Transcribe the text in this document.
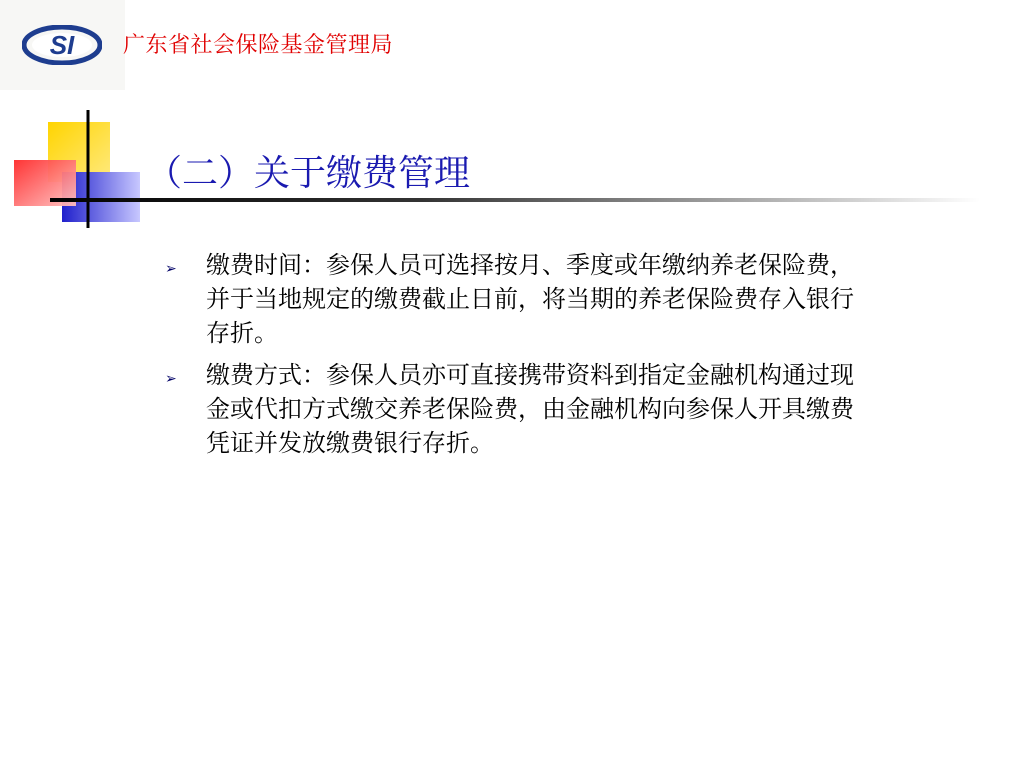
SI 广东省社会保险基金管理局
（二）关于缴费管理
➢ 缴费时间：参保人员可选择按月、季度或年缴纳养老保险费，并于当地规定的缴费截止日前，将当期的养老保险费存入银行存折。
➢ 缴费方式：参保人员亦可直接携带资料到指定金融机构通过现金或代扣方式缴交养老保险费，由金融机构向参保人开具缴费凭证并发放缴费银行存折。
